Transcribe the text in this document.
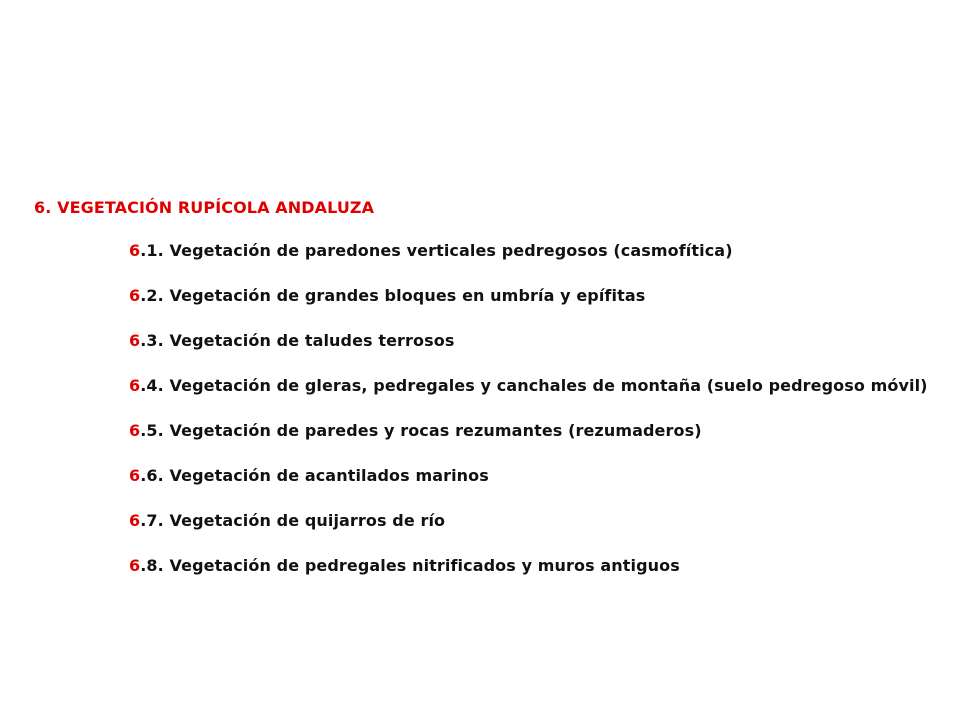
6. VEGETACIÓN RUPÍCOLA ANDALUZA
6.1. Vegetación de paredones verticales pedregosos (casmofítica)
6.2. Vegetación de grandes bloques en umbría y epífitas
6.3. Vegetación de taludes terrosos
6.4. Vegetación de gleras, pedregales y canchales de montaña (suelo pedregoso móvil)
6.5. Vegetación de paredes y rocas rezumantes (rezumaderos)
6.6. Vegetación de acantilados marinos
6.7. Vegetación de quijarros de río
6.8. Vegetación de pedregales nitrificados y muros antiguos
